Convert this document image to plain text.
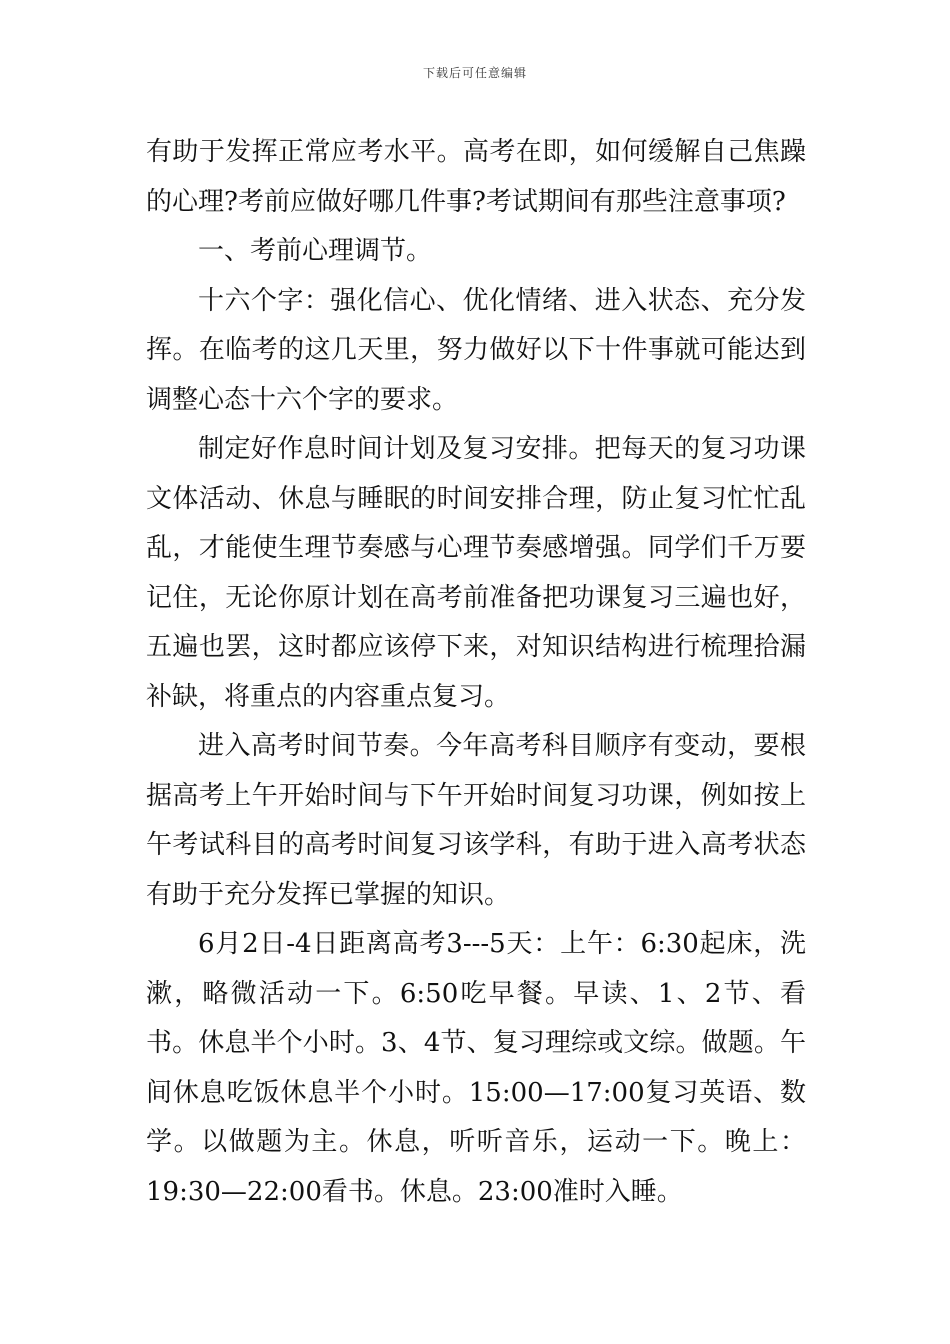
下载后可任意编辑

有助于发挥正常应考水平。高考在即，如何缓解自己焦躁的心理?考前应做好哪几件事?考试期间有那些注意事项?

一、考前心理调节。

十六个字：强化信心、优化情绪、进入状态、充分发挥。在临考的这几天里，努力做好以下十件事就可能达到调整心态十六个字的要求。

制定好作息时间计划及复习安排。把每天的复习功课文体活动、休息与睡眠的时间安排合理，防止复习忙忙乱乱，才能使生理节奏感与心理节奏感增强。同学们千万要记住，无论你原计划在高考前准备把功课复习三遍也好，五遍也罢，这时都应该停下来，对知识结构进行梳理拾漏补缺，将重点的内容重点复习。

进入高考时间节奏。今年高考科目顺序有变动，要根据高考上午开始时间与下午开始时间复习功课，例如按上午考试科目的高考时间复习该学科，有助于进入高考状态有助于充分发挥已掌握的知识。

6月2日-4日距离高考3---5天：上午：6:30起床，洗漱，略微活动一下。6:50吃早餐。早读、1、2节、看书。休息半个小时。3、4节、复习理综或文综。做题。午间休息吃饭休息半个小时。15:00—17:00复习英语、数学。以做题为主。休息，听听音乐，运动一下。晚上：19:30—22:00看书。休息。23:00准时入睡。
